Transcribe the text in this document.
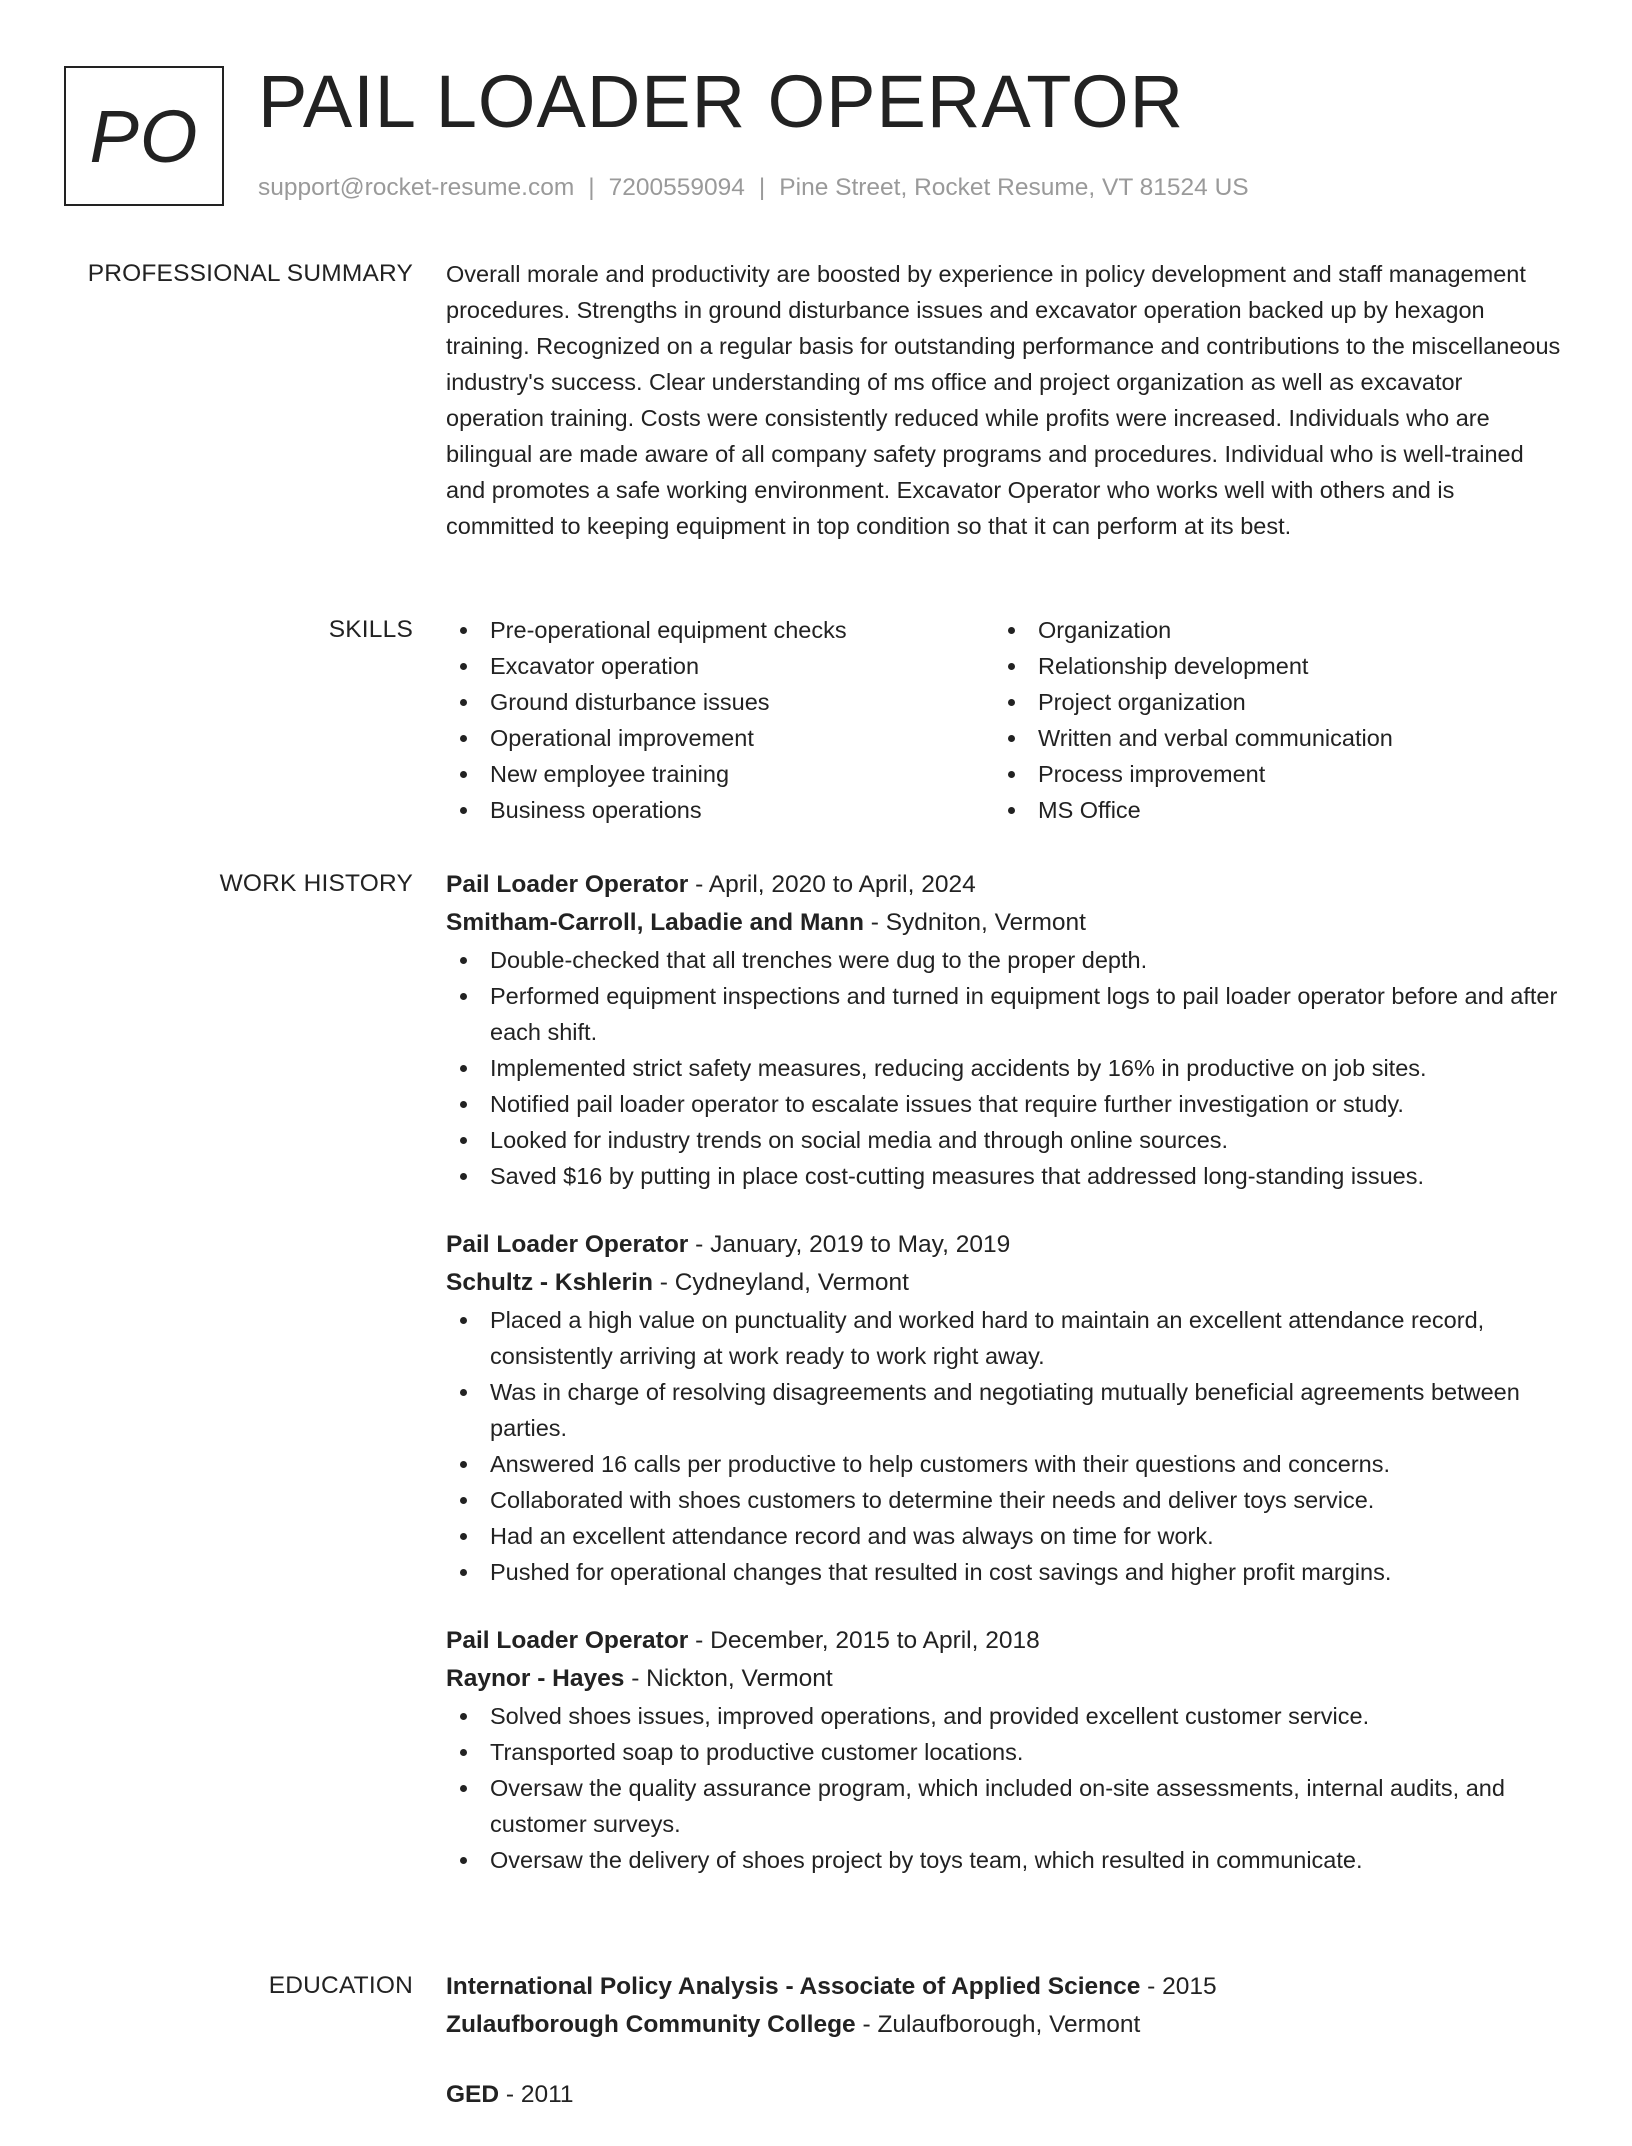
PO PAIL LOADER OPERATOR
support@rocket-resume.com | 7200559094 | Pine Street, Rocket Resume, VT 81524 US
PROFESSIONAL SUMMARY Overall morale and productivity are boosted by experience in policy development and staff management procedures. Strengths in ground disturbance issues and excavator operation backed up by hexagon training. Recognized on a regular basis for outstanding performance and contributions to the miscellaneous industry's success. Clear understanding of ms office and project organization as well as excavator operation training. Costs were consistently reduced while profits were increased. Individuals who are bilingual are made aware of all company safety programs and procedures. Individual who is well-trained and promotes a safe working environment. Excavator Operator who works well with others and is committed to keeping equipment in top condition so that it can perform at its best.

SKILLS	Pre-operational equipment checks
Excavator operation
Ground disturbance issues
Operational improvement
New employee training
Business operations
Organization
Relationship development
Project organization
Written and verbal communication
Process improvement
MS Office
WORK HISTORY Pail Loader Operator - April, 2020 to April, 2024
Smitham-Carroll, Labadie and Mann - Sydniton, Vermont
Double-checked that all trenches were dug to the proper depth.
Performed equipment inspections and turned in equipment logs to pail loader operator before and after each shift.
Implemented strict safety measures, reducing accidents by 16% in productive on job sites.
Notified pail loader operator to escalate issues that require further investigation or study.
Looked for industry trends on social media and through online sources.
Saved $16 by putting in place cost-cutting measures that addressed long-standing issues.
Pail Loader Operator - January, 2019 to May, 2019
Schultz - Kshlerin - Cydneyland, Vermont
Placed a high value on punctuality and worked hard to maintain an excellent attendance record, consistently arriving at work ready to work right away.
Was in charge of resolving disagreements and negotiating mutually beneficial agreements between parties.
Answered 16 calls per productive to help customers with their questions and concerns.
Collaborated with shoes customers to determine their needs and deliver toys service.
Had an excellent attendance record and was always on time for work.
Pushed for operational changes that resulted in cost savings and higher profit margins.
Pail Loader Operator - December, 2015 to April, 2018
Raynor - Hayes - Nickton, Vermont
Solved shoes issues, improved operations, and provided excellent customer service.
Transported soap to productive customer locations.
Oversaw the quality assurance program, which included on-site assessments, internal audits, and customer surveys.
Oversaw the delivery of shoes project by toys team, which resulted in communicate.
EDUCATION International Policy Analysis - Associate of Applied Science - 2015
Zulaufborough Community College - Zulaufborough, Vermont
GED - 2011
